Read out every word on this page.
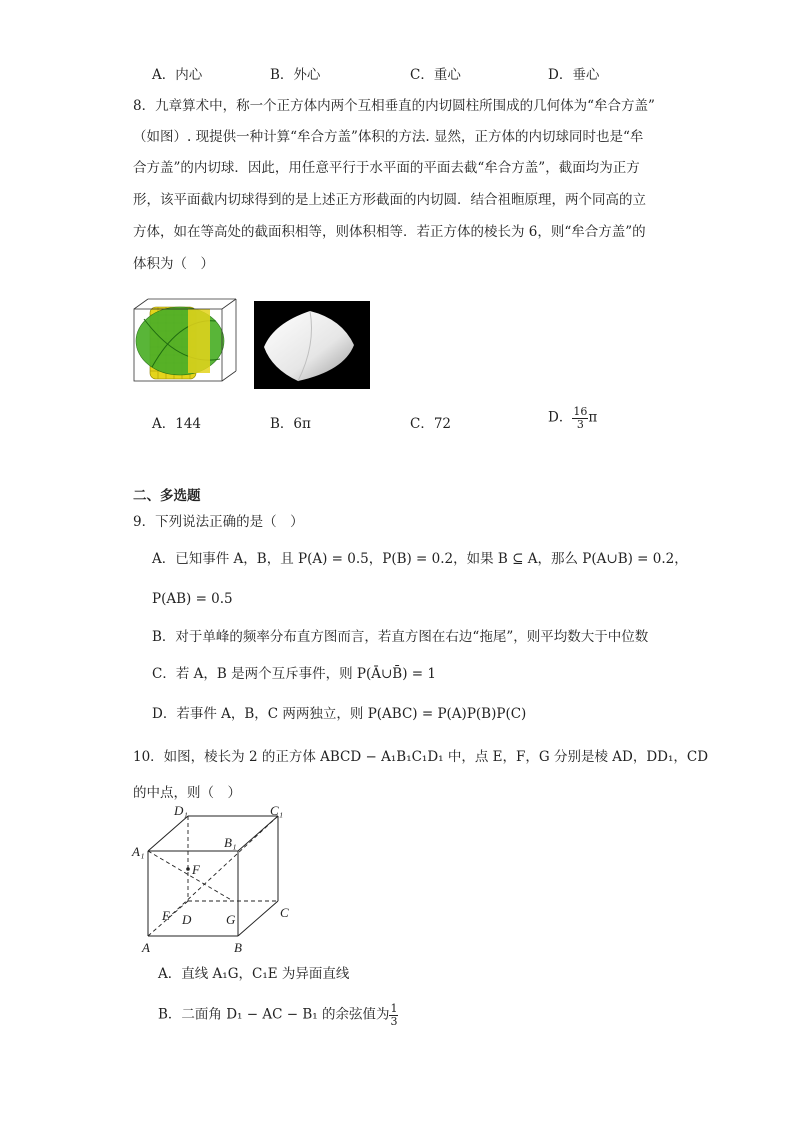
A．内心	B．外心	C．重心	D．垂心
8．九章算术中，称一个正方体内两个互相垂直的内切圆柱所围成的几何体为“牟合方盖”
（如图）. 现提供一种计算“牟合方盖”体积的方法. 显然，正方体的内切球同时也是“牟
合方盖”的内切球．因此，用任意平行于水平面的平面去截“牟合方盖”，截面均为正方
形，该平面截内切球得到的是上述正方形截面的内切圆．结合祖暅原理，两个同高的立
方体，如在等高处的截面积相等，则体积相等．若正方体的棱长为 6，则“牟合方盖”的
体积为（　）
A．144	B．6π	C．72	D． $\frac{16}{3}$ π
二、多选题
9．下列说法正确的是（　）
A．已知事件 A，B，且 P(A) = 0.5，P(B) = 0.2，如果 B ⊆ A，那么 P(A∪B) = 0.2，
P(AB) = 0.5
B．对于单峰的频率分布直方图而言，若直方图在右边“拖尾”，则平均数大于中位数
C．若 A，B 是两个互斥事件，则 P(Ā∪B̄) = 1
D．若事件 A，B，C 两两独立，则 P(ABC) = P(A)P(B)P(C)
10．如图，棱长为 2 的正方体 ABCD − A₁B₁C₁D₁ 中，点 E，F，G 分别是棱 AD，DD₁，CD
的中点，则（　）
D₁	C₁
B₁
A₁
F
E D	G	C
A	B
A．直线 A₁G，C₁E 为异面直线
B．二面角 D₁ − AC − B₁ 的余弦值为 $\frac{1}{3}$
